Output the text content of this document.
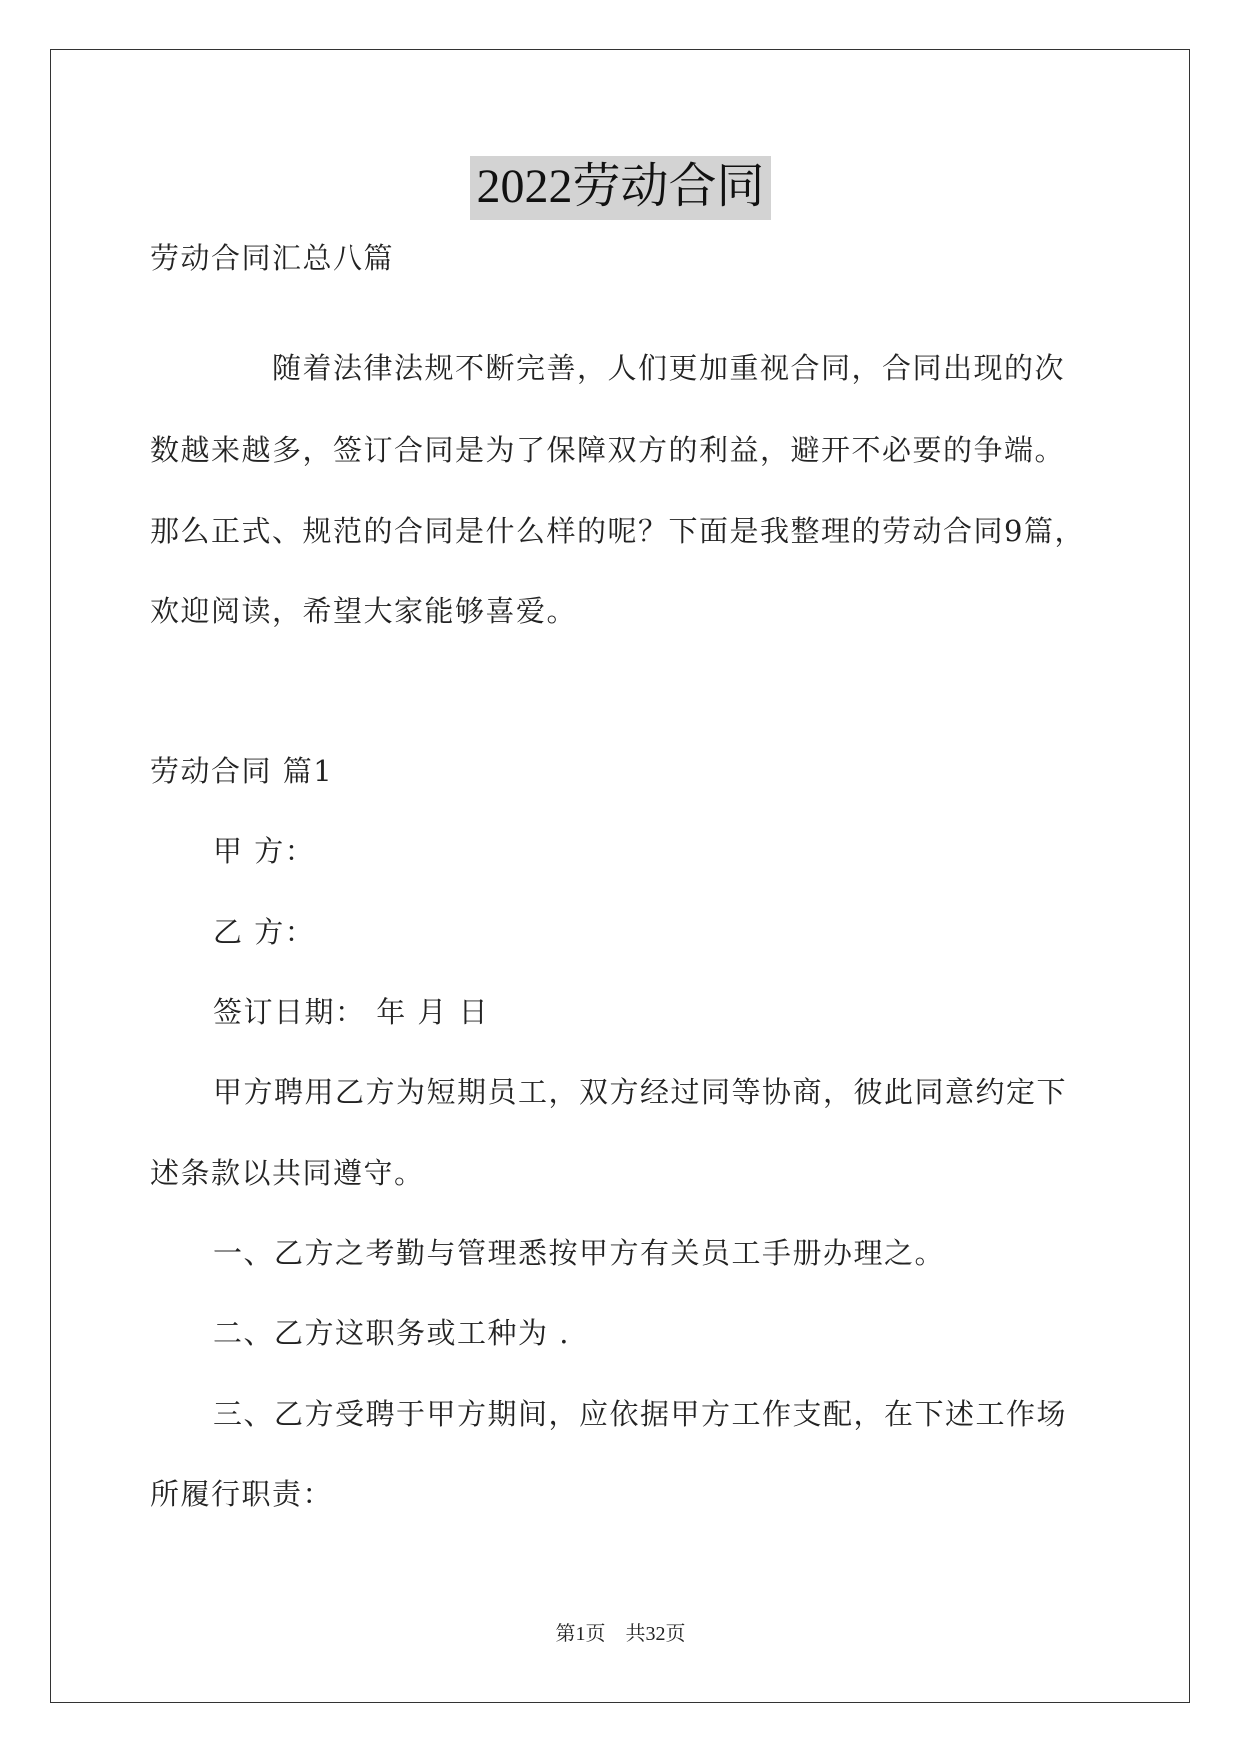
2022劳动合同
劳动合同汇总八篇
随着法律法规不断完善，人们更加重视合同，合同出现的次
数越来越多，签订合同是为了保障双方的利益，避开不必要的争端。
那么正式、规范的合同是什么样的呢？下面是我整理的劳动合同9篇，
欢迎阅读，希望大家能够喜爱。
劳动合同 篇1
甲 方：
乙 方：
签订日期： 年 月 日
甲方聘用乙方为短期员工，双方经过同等协商，彼此同意约定下
述条款以共同遵守。
一、乙方之考勤与管理悉按甲方有关员工手册办理之。
二、乙方这职务或工种为 .
三、乙方受聘于甲方期间，应依据甲方工作支配，在下述工作场
所履行职责：
第1页 共32页
